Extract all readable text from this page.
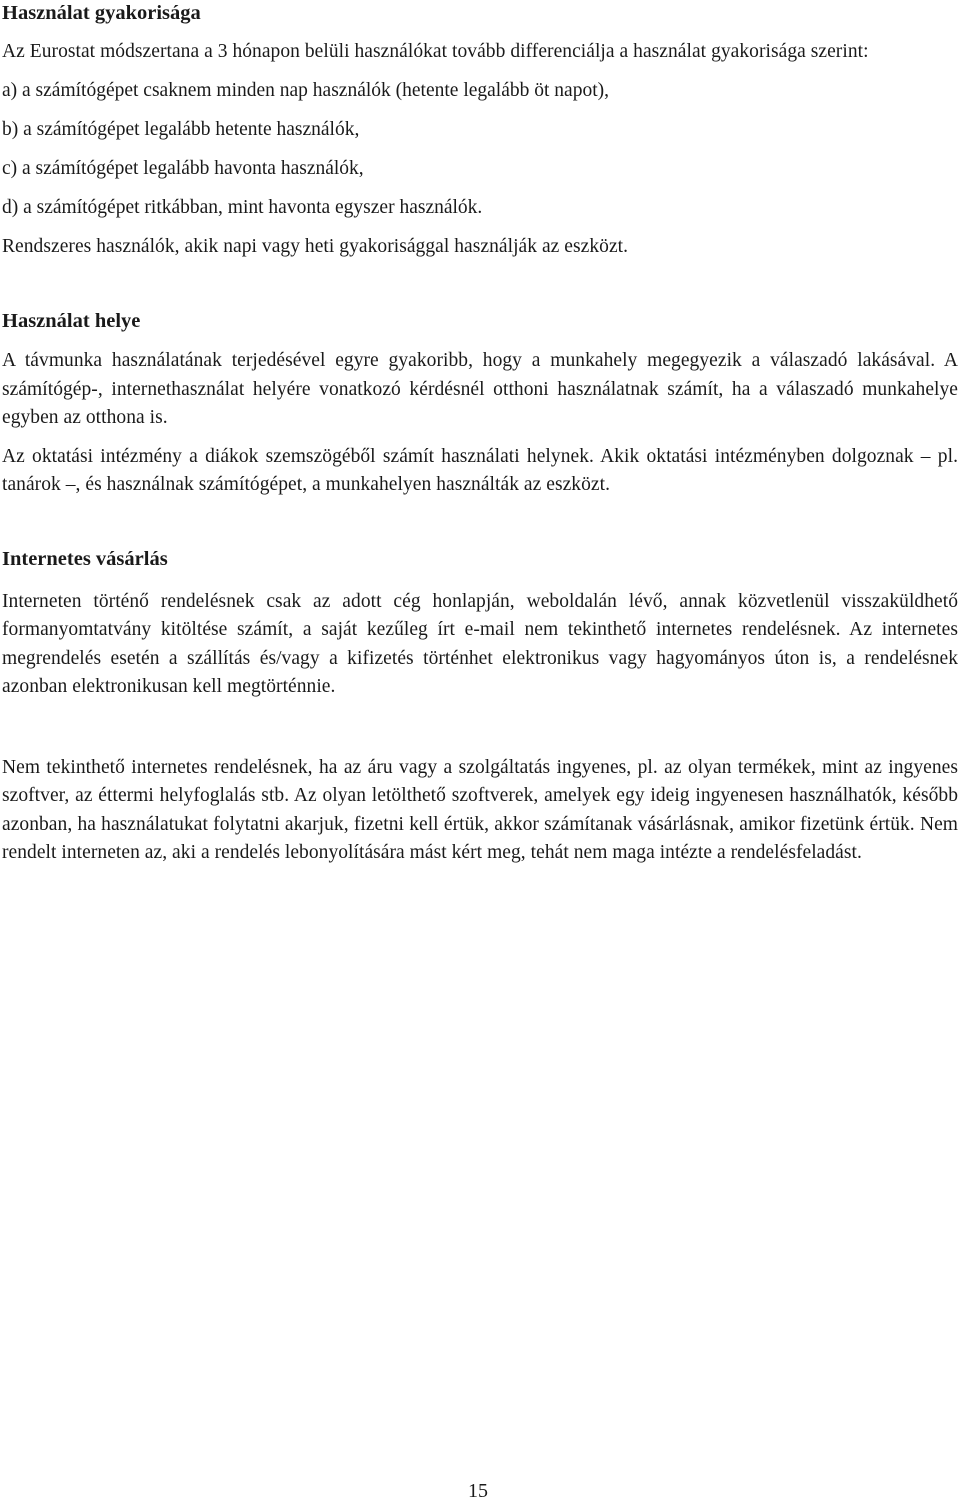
Használat gyakorisága

Az Eurostat módszertana a 3 hónapon belüli használókat tovább differenciálja a használat gyakorisága szerint:

a) a számítógépet csaknem minden nap használók (hetente legalább öt napot),

b) a számítógépet legalább hetente használók,

c) a számítógépet legalább havonta használók,

d) a számítógépet ritkábban, mint havonta egyszer használók.

Rendszeres használók, akik napi vagy heti gyakorisággal használják az eszközt.

Használat helye

A távmunka használatának terjedésével egyre gyakoribb, hogy a munkahely megegyezik a válaszadó lakásával. A számítógép-, internethasználat helyére vonatkozó kérdésnél otthoni használatnak számít, ha a válaszadó munkahelye egyben az otthona is.

Az oktatási intézmény a diákok szemszögéből számít használati helynek. Akik oktatási intézményben dolgoznak – pl. tanárok –, és használnak számítógépet, a munkahelyen használták az eszközt.

Internetes vásárlás

Interneten történő rendelésnek csak az adott cég honlapján, weboldalán lévő, annak közvetlenül visszaküldhető formanyomtatvány kitöltése számít, a saját kezűleg írt e-mail nem tekinthető internetes rendelésnek. Az internetes megrendelés esetén a szállítás és/vagy a kifizetés történhet elektronikus vagy hagyományos úton is, a rendelésnek azonban elektronikusan kell megtörténnie.

Nem tekinthető internetes rendelésnek, ha az áru vagy a szolgáltatás ingyenes, pl. az olyan termékek, mint az ingyenes szoftver, az éttermi helyfoglalás stb. Az olyan letölthető szoftverek, amelyek egy ideig ingyenesen használhatók, később azonban, ha használatukat folytatni akarjuk, fizetni kell értük, akkor számítanak vásárlásnak, amikor fizetünk értük. Nem rendelt interneten az, aki a rendelés lebonyolítására mást kért meg, tehát nem maga intézte a rendelésfeladást.

15
